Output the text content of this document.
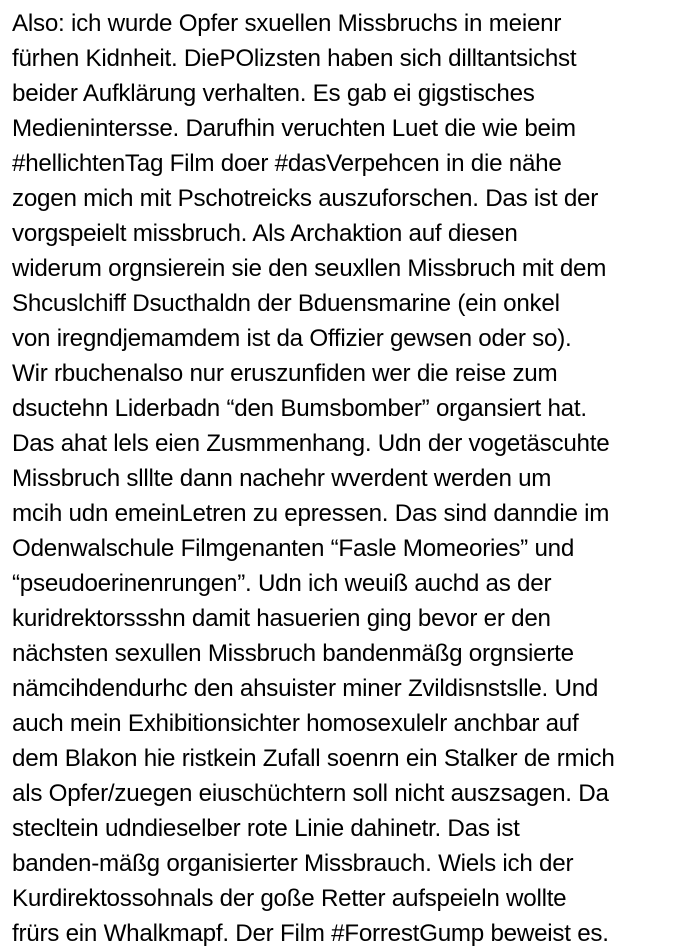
Also: ich wurde Opfer sxuellen Missbruchs in meienr
fürhen Kidnheit. DiePOlizsten haben sich dilltantsichst
beider Aufklärung verhalten. Es gab ei gigstisches
Medienintersse. Darufhin veruchten Luet die wie beim
#hellichtenTag Film doer #dasVerpehcen in die nähe
zogen mich mit Pschotreicks auszuforschen. Das ist der
vorgspeielt missbruch. Als Archaktion auf diesen
widerum orgnsierein sie den seuxllen Missbruch mit dem
Shcuslchiff Dsucthaldn der Bduensmarine (ein onkel
von iregndjemamdem ist da Offizier gewsen oder so).
Wir rbuchenalso nur eruszunfiden wer die reise zum
dsuctehn Liderbadn “den Bumsbomber” organsiert hat.
Das ahat lels eien Zusmmenhang. Udn der vogetäscuhte
Missbruch slllte dann nachehr wverdent werden um
mcih udn emeinLetren zu epressen. Das sind danndie im
Odenwalschule Filmgenanten “Fasle Momeories” und
“pseudoerinenrungen”. Udn ich weuiß auchd as der
kuridrektorssshn damit hasuerien ging bevor er den
nächsten sexullen Missbruch bandenmäßg orgnsierte
nämcihdendurhc den ahsuister miner Zvildisnstslle. Und
auch mein Exhibitionsichter homosexulelr anchbar auf
dem Blakon hie ristkein Zufall soenrn ein Stalker de rmich
als Opfer/zuegen eiuschüchtern soll nicht auszsagen. Da
stecltein udndieselber rote Linie dahinetr. Das ist
banden-mäßg organisierter Missbrauch. Wiels ich der
Kurdirektossohnals der goße Retter aufspeieln wollte
frürs ein Whalkmapf. Der Film #ForrestGump beweist es.
